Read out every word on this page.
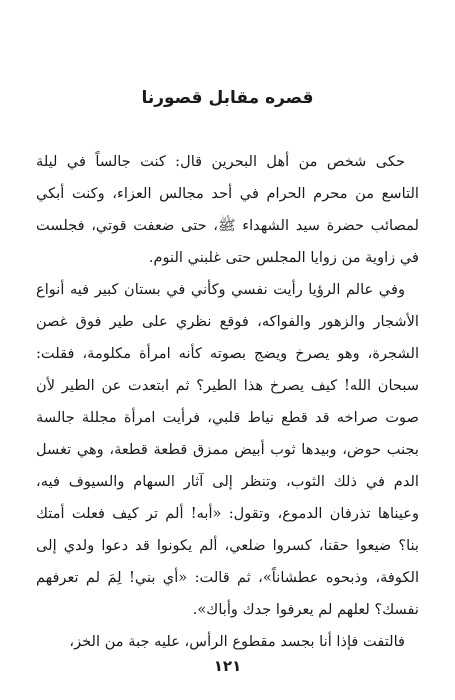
قصره مقابل قصورنا
حكى شخص من أهل البحرين قال: كنت جالساً في ليلة
التاسع من محرم الحرام في أحد مجالس العزاء، وكنت أبكي
لمصائب حضرة سيد الشهداء ﷺ، حتى ضعفت قوتي، فجلست
في زاوية من زوايا المجلس حتى غلبني النوم.
وفي عالم الرؤيا رأيت نفسي وكأني في بستان كبير فيه أنواع
الأشجار والزهور والفواكه، فوقع نظري على طير فوق غصن
الشجرة، وهو يصرخ ويضج بصوته كأنه امرأة مكلومة، فقلت:
سبحان الله! كيف يصرخ هذا الطير؟ ثم ابتعدت عن الطير لأن
صوت صراخه قد قطع نياط قلبي، فرأيت امرأة مجللة جالسة
بجنب حوض، وبيدها ثوب أبيض ممزق قطعة قطعة، وهي تغسل
الدم في ذلك الثوب، وتنظر إلى آثار السهام والسيوف فيه،
وعيناها تذرفان الدموع، وتقول: «أبه! ألم تر كيف فعلت أمتك
بنا؟ ضيعوا حقنا، كسروا ضلعي، ألم يكونوا قد دعوا ولدي إلى
الكوفة، وذبحوه عطشاناً»، ثم قالت: «أي بني! لِمَ لم تعرفهم
نفسك؟ لعلهم لم يعرفوا جدك وأباك».
فالتفت فإذا أنا بجسد مقطوع الرأس، عليه جبة من الخز،
١٢١
